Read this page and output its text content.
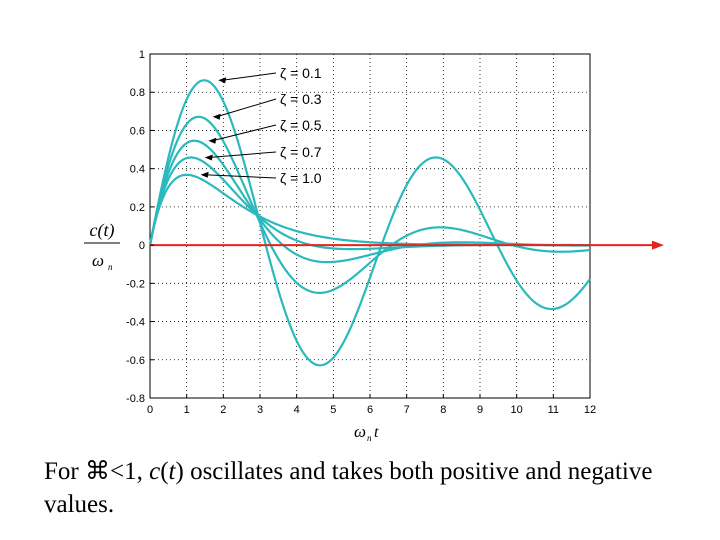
0	1	2	3	4	5	6	7	8	9 10 11 12
-0.8
-0.6
-0.4
-0.2
0
0.2
0.4
0.6
0.8
1
ζ = 0.1
ζ = 0.3
ζ = 0.5
ζ = 0.7
ζ = 1.0
c(t)
ω n
ω n t
For ⌘<1, c(t) oscillates and takes both positive and negative values.
